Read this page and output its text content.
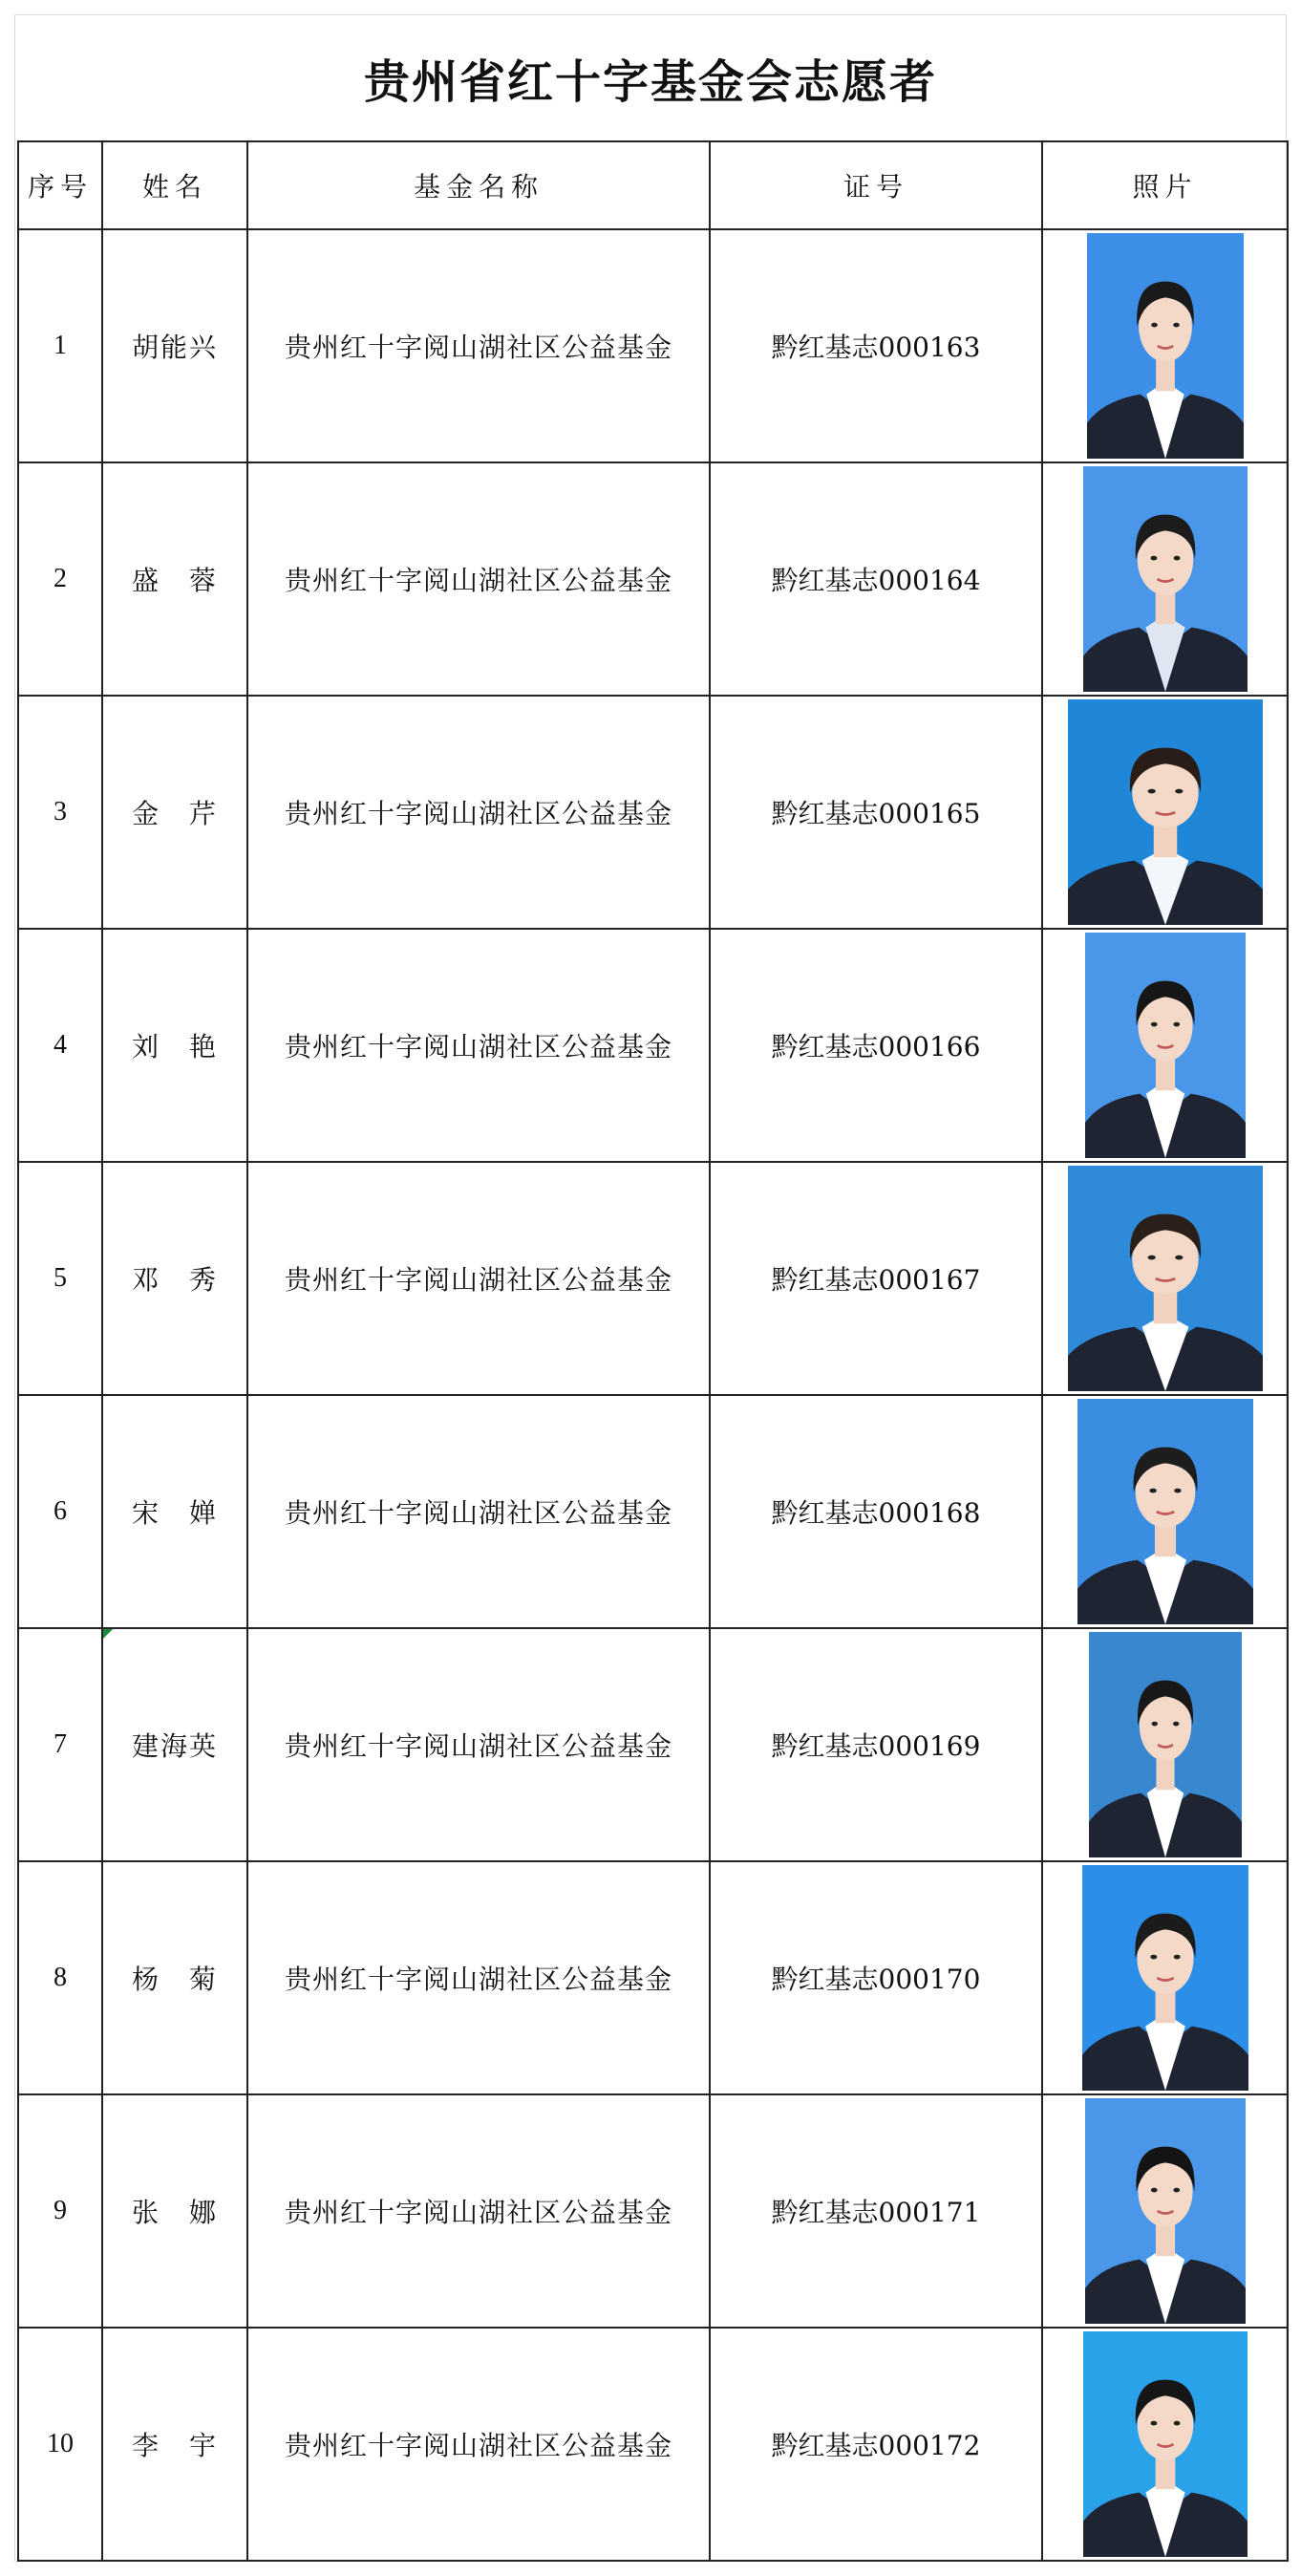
贵州省红十字基金会志愿者
序号	姓名	基金名称	证号	照片
1	胡能兴	贵州红十字阅山湖社区公益基金	黔红基志000163	

2	盛　蓉	贵州红十字阅山湖社区公益基金	黔红基志000164	

3	金　芹	贵州红十字阅山湖社区公益基金	黔红基志000165	

4	刘　艳	贵州红十字阅山湖社区公益基金	黔红基志000166	

5	邓　秀	贵州红十字阅山湖社区公益基金	黔红基志000167	

6	宋　婵	贵州红十字阅山湖社区公益基金	黔红基志000168	

7	建海英	贵州红十字阅山湖社区公益基金	黔红基志000169	

8	杨　菊	贵州红十字阅山湖社区公益基金	黔红基志000170	

9	张　娜	贵州红十字阅山湖社区公益基金	黔红基志000171	

10	李　宇	贵州红十字阅山湖社区公益基金	黔红基志000172	
